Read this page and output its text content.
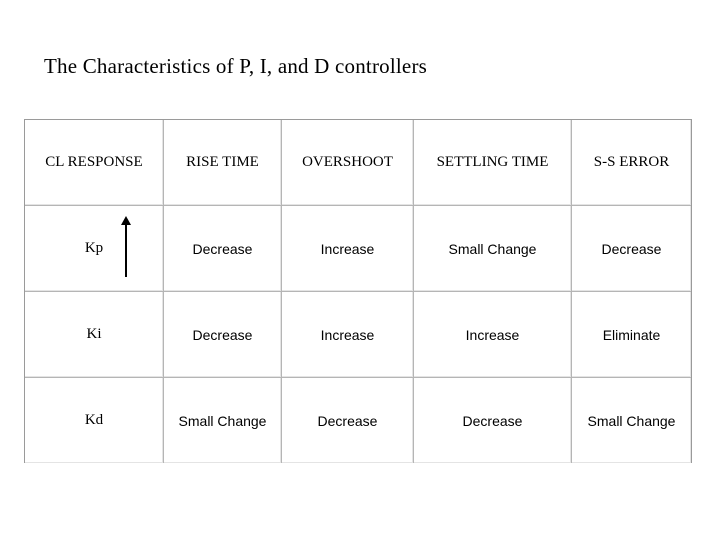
The Characteristics of P, I, and D controllers
CL RESPONSE	RISE TIME	OVERSHOOT	SETTLING TIME	S-S ERROR
Kp	Decrease	Increase	Small Change	Decrease
Ki	Decrease	Increase	Increase	Eliminate
Kd	Small Change	Decrease	Decrease	Small Change
